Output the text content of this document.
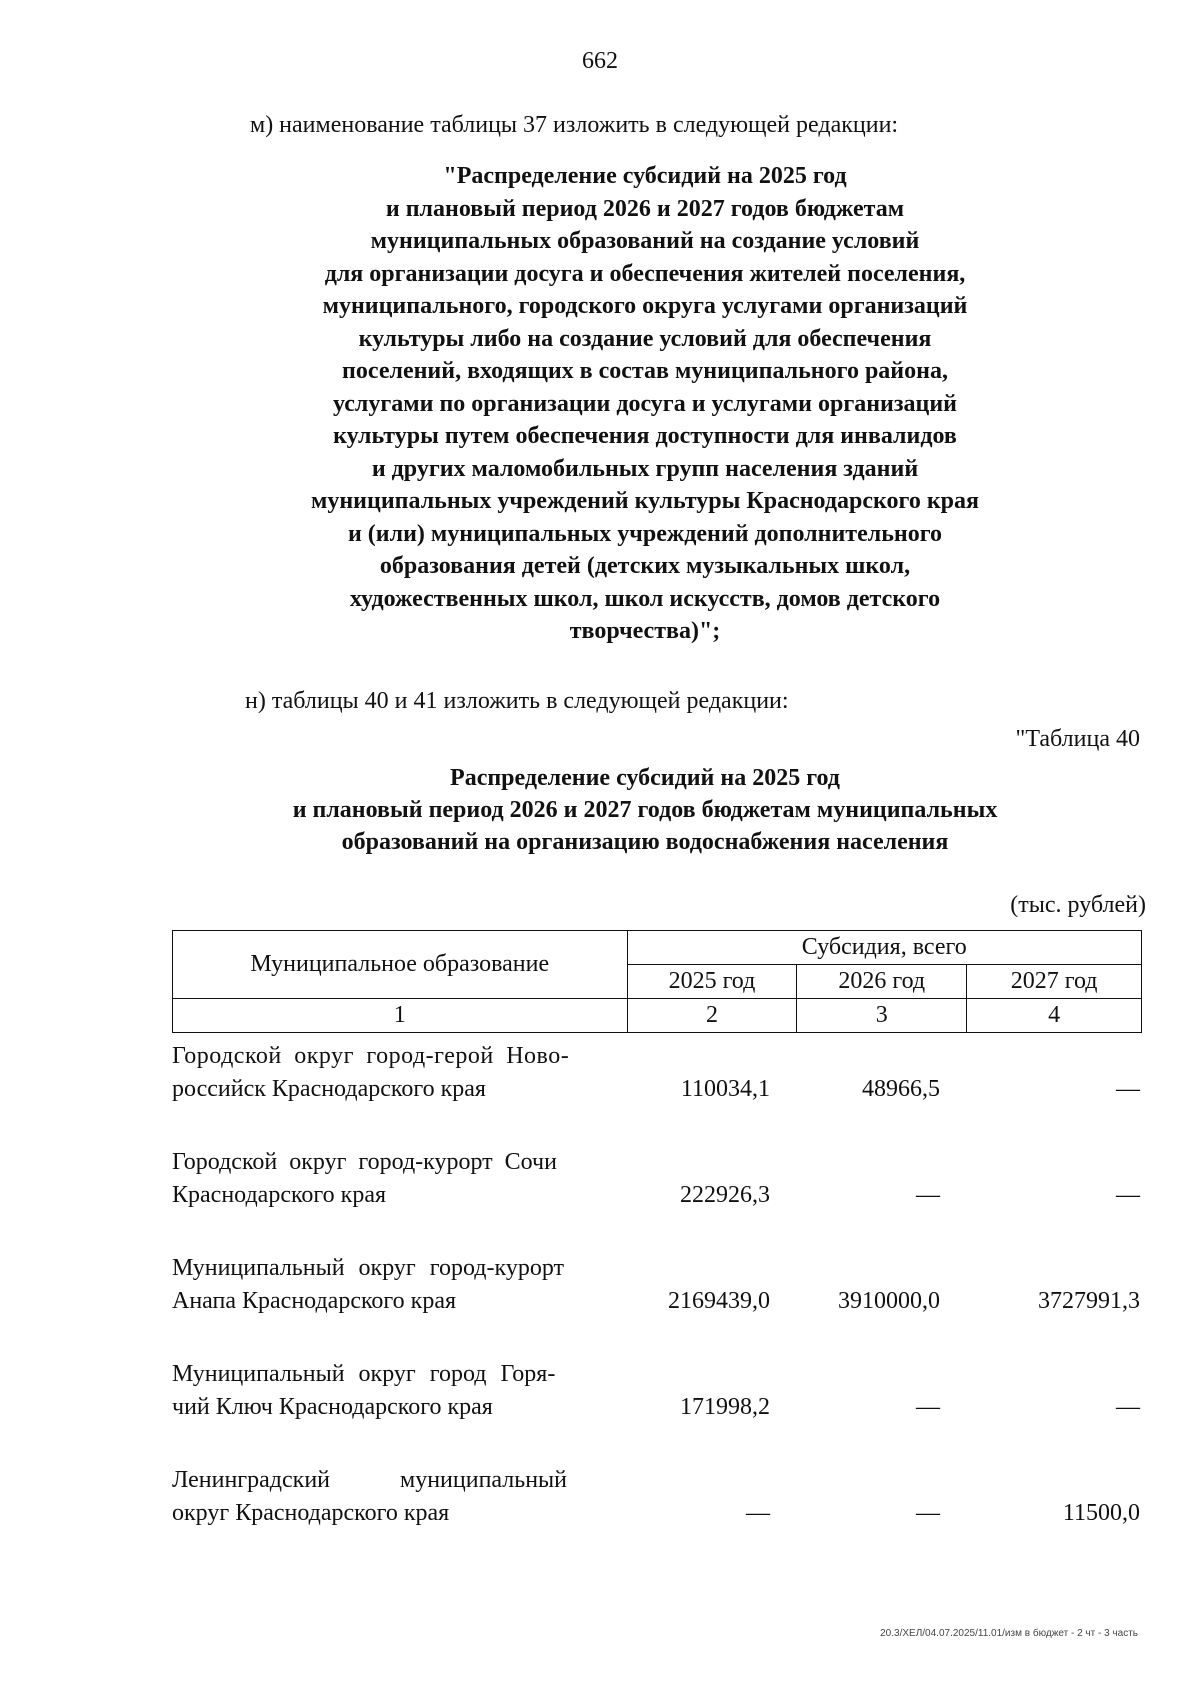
662
м) наименование таблицы 37 изложить в следующей редакции:
"Распределение субсидий на 2025 год
и плановый период 2026 и 2027 годов бюджетам
муниципальных образований на создание условий
для организации досуга и обеспечения жителей поселения,
муниципального, городского округа услугами организаций
культуры либо на создание условий для обеспечения
поселений, входящих в состав муниципального района,
услугами по организации досуга и услугами организаций
культуры путем обеспечения доступности для инвалидов
и других маломобильных групп населения зданий
муниципальных учреждений культуры Краснодарского края
и (или) муниципальных учреждений дополнительного
образования детей (детских музыкальных школ,
художественных школ, школ искусств, домов детского
творчества)";
н) таблицы 40 и 41 изложить в следующей редакции:
"Таблица 40
Распределение субсидий на 2025 год
и плановый период 2026 и 2027 годов бюджетам муниципальных
образований на организацию водоснабжения населения
(тыс. рублей)
Муниципальное образование	Субсидия, всего		
	2025 год	2026 год	2027 год
1	2	3	4
Городской округ город-герой Ново-
российск Краснодарского края	110034,1	48966,5	—
Городской округ город-курорт Сочи
Краснодарского края	222926,3	—	—
Муниципальный округ город-курорт
Анапа Краснодарского края	2169439,0	3910000,0	3727991,3
Муниципальный округ город Горя-
чий Ключ Краснодарского края	171998,2	—	—
Ленинградский муниципальный
округ Краснодарского края	—	—	11500,0
20.3/ХЕЛ/04.07.2025/11.01/изм в бюджет - 2 чт - 3 часть
